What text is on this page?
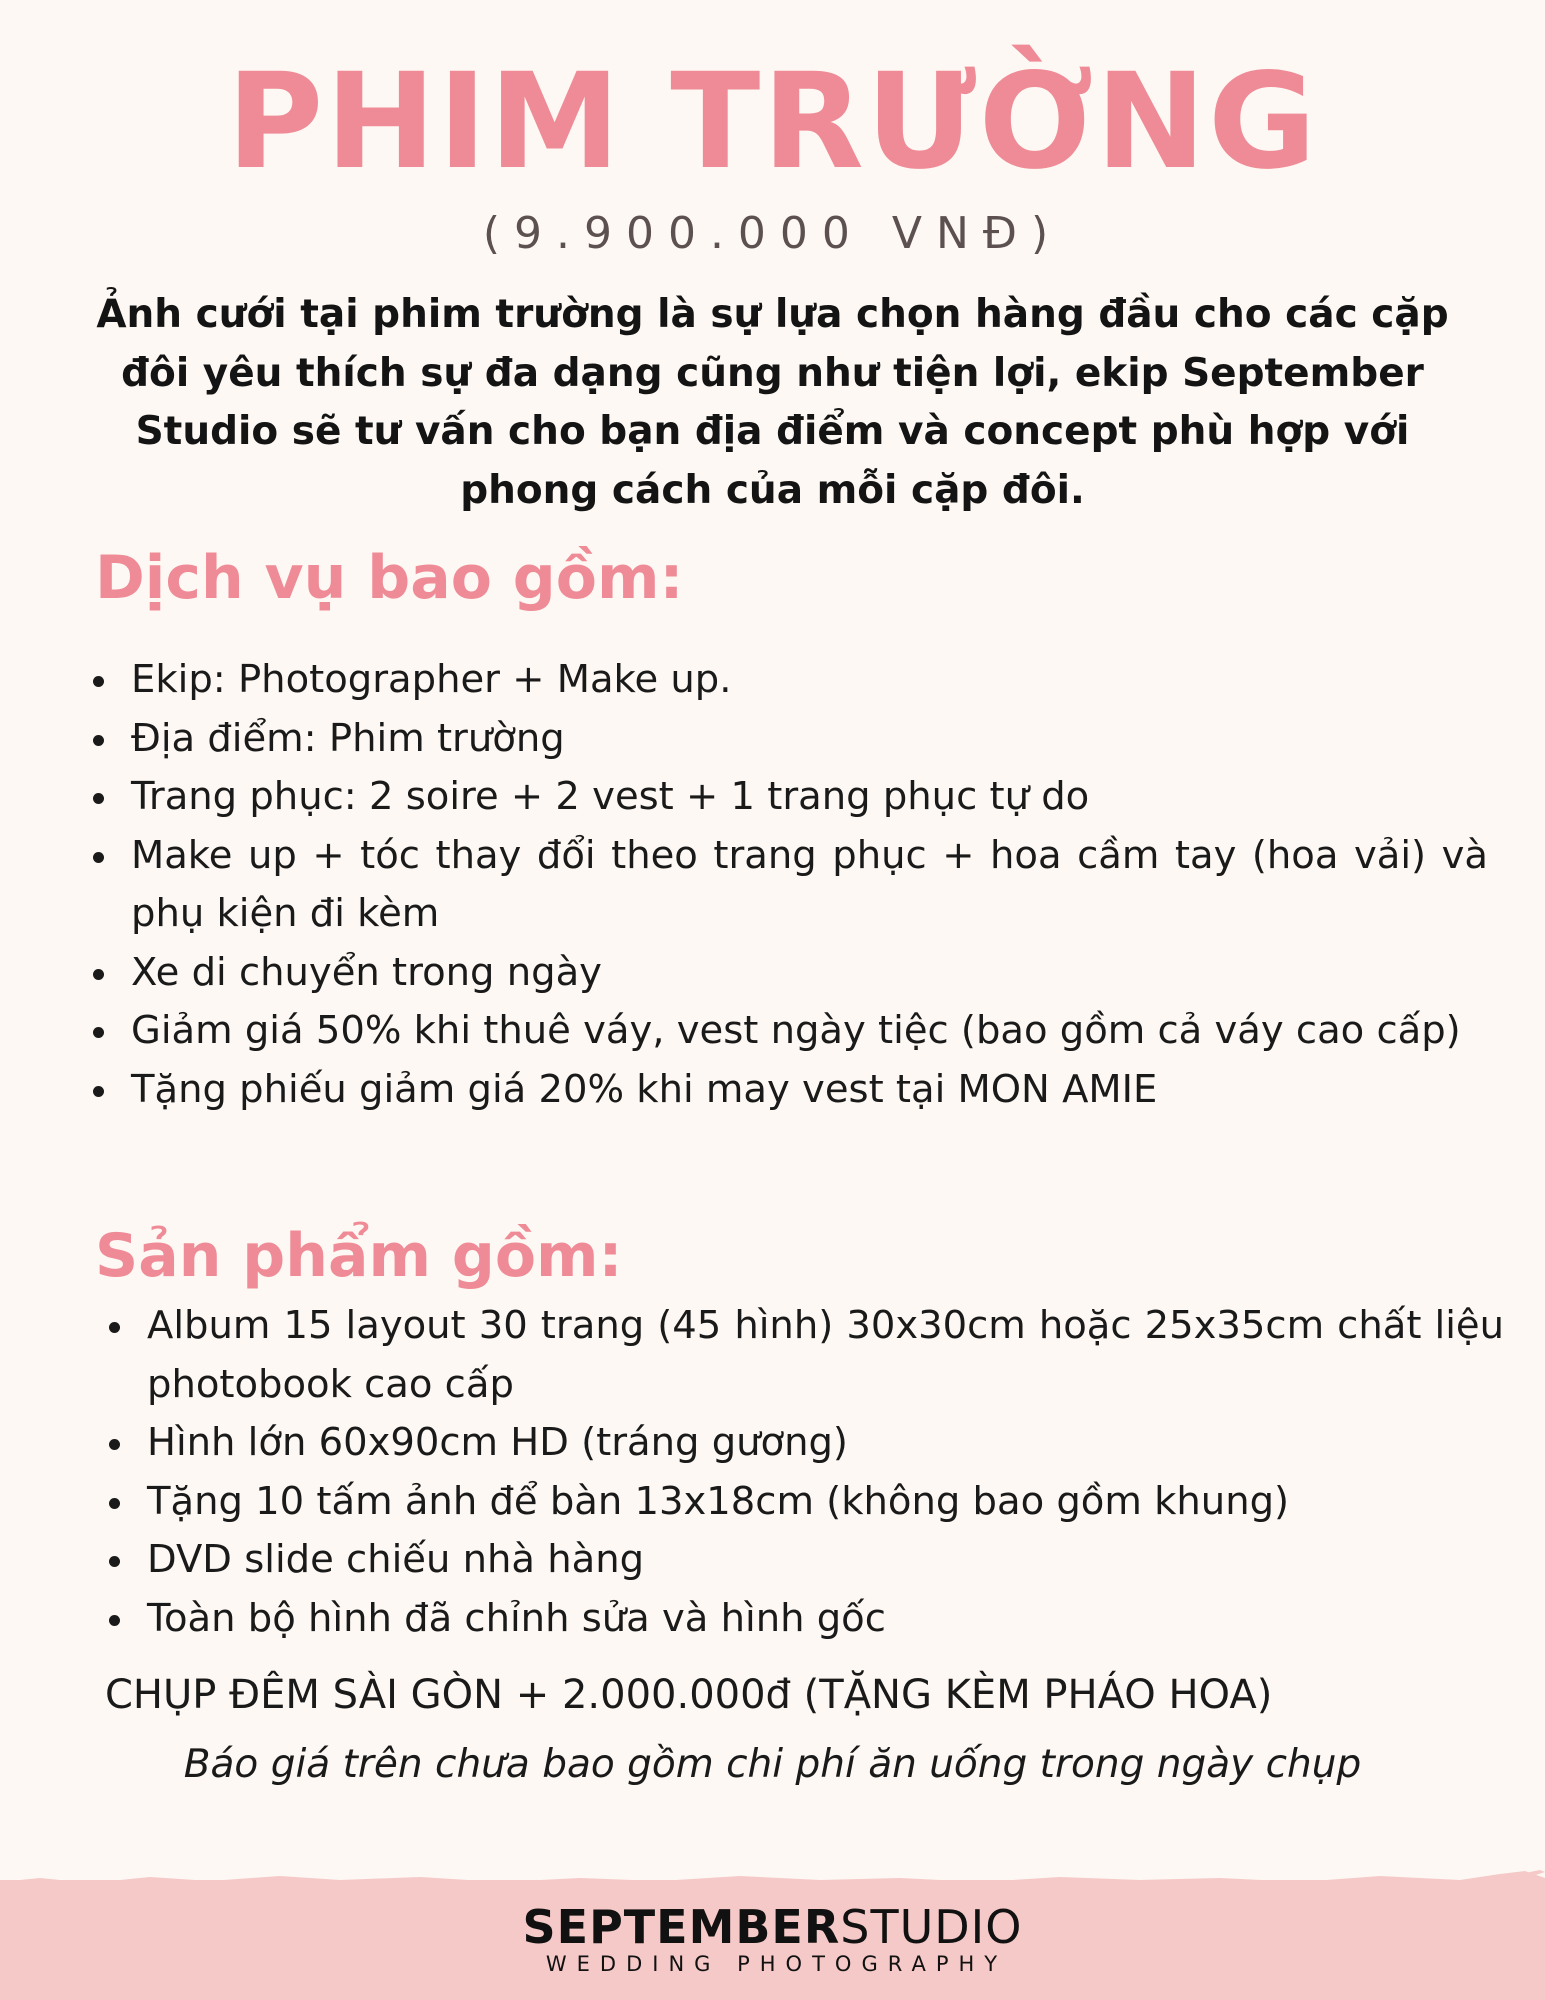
PHIM TRƯỜNG
(9.900.000 VNĐ)

Ảnh cưới tại phim trường là sự lựa chọn hàng đầu cho các cặp đôi yêu thích sự đa dạng cũng như tiện lợi, ekip September Studio sẽ tư vấn cho bạn địa điểm và concept phù hợp với phong cách của mỗi cặp đôi.

Dịch vụ bao gồm:
Ekip: Photographer + Make up.
Địa điểm: Phim trường
Trang phục: 2 soire + 2 vest + 1 trang phục tự do
Make up + tóc thay đổi theo trang phục + hoa cầm tay (hoa vải) và phụ kiện đi kèm
Xe di chuyển trong ngày
Giảm giá 50% khi thuê váy, vest ngày tiệc (bao gồm cả váy cao cấp)
Tặng phiếu giảm giá 20% khi may vest tại MON AMIE
Sản phẩm gồm:
Album 15 layout 30 trang (45 hình) 30x30cm hoặc 25x35cm chất liệu photobook cao cấp
Hình lớn 60x90cm HD (tráng gương)
Tặng 10 tấm ảnh để bàn 13x18cm (không bao gồm khung)
DVD slide chiếu nhà hàng
Toàn bộ hình đã chỉnh sửa và hình gốc
CHỤP ĐÊM SÀI GÒN + 2.000.000đ (TẶNG KÈM PHÁO HOA)
Báo giá trên chưa bao gồm chi phí ăn uống trong ngày chụp
SEPTEMBERSTUDIO
WEDDING PHOTOGRAPHY
